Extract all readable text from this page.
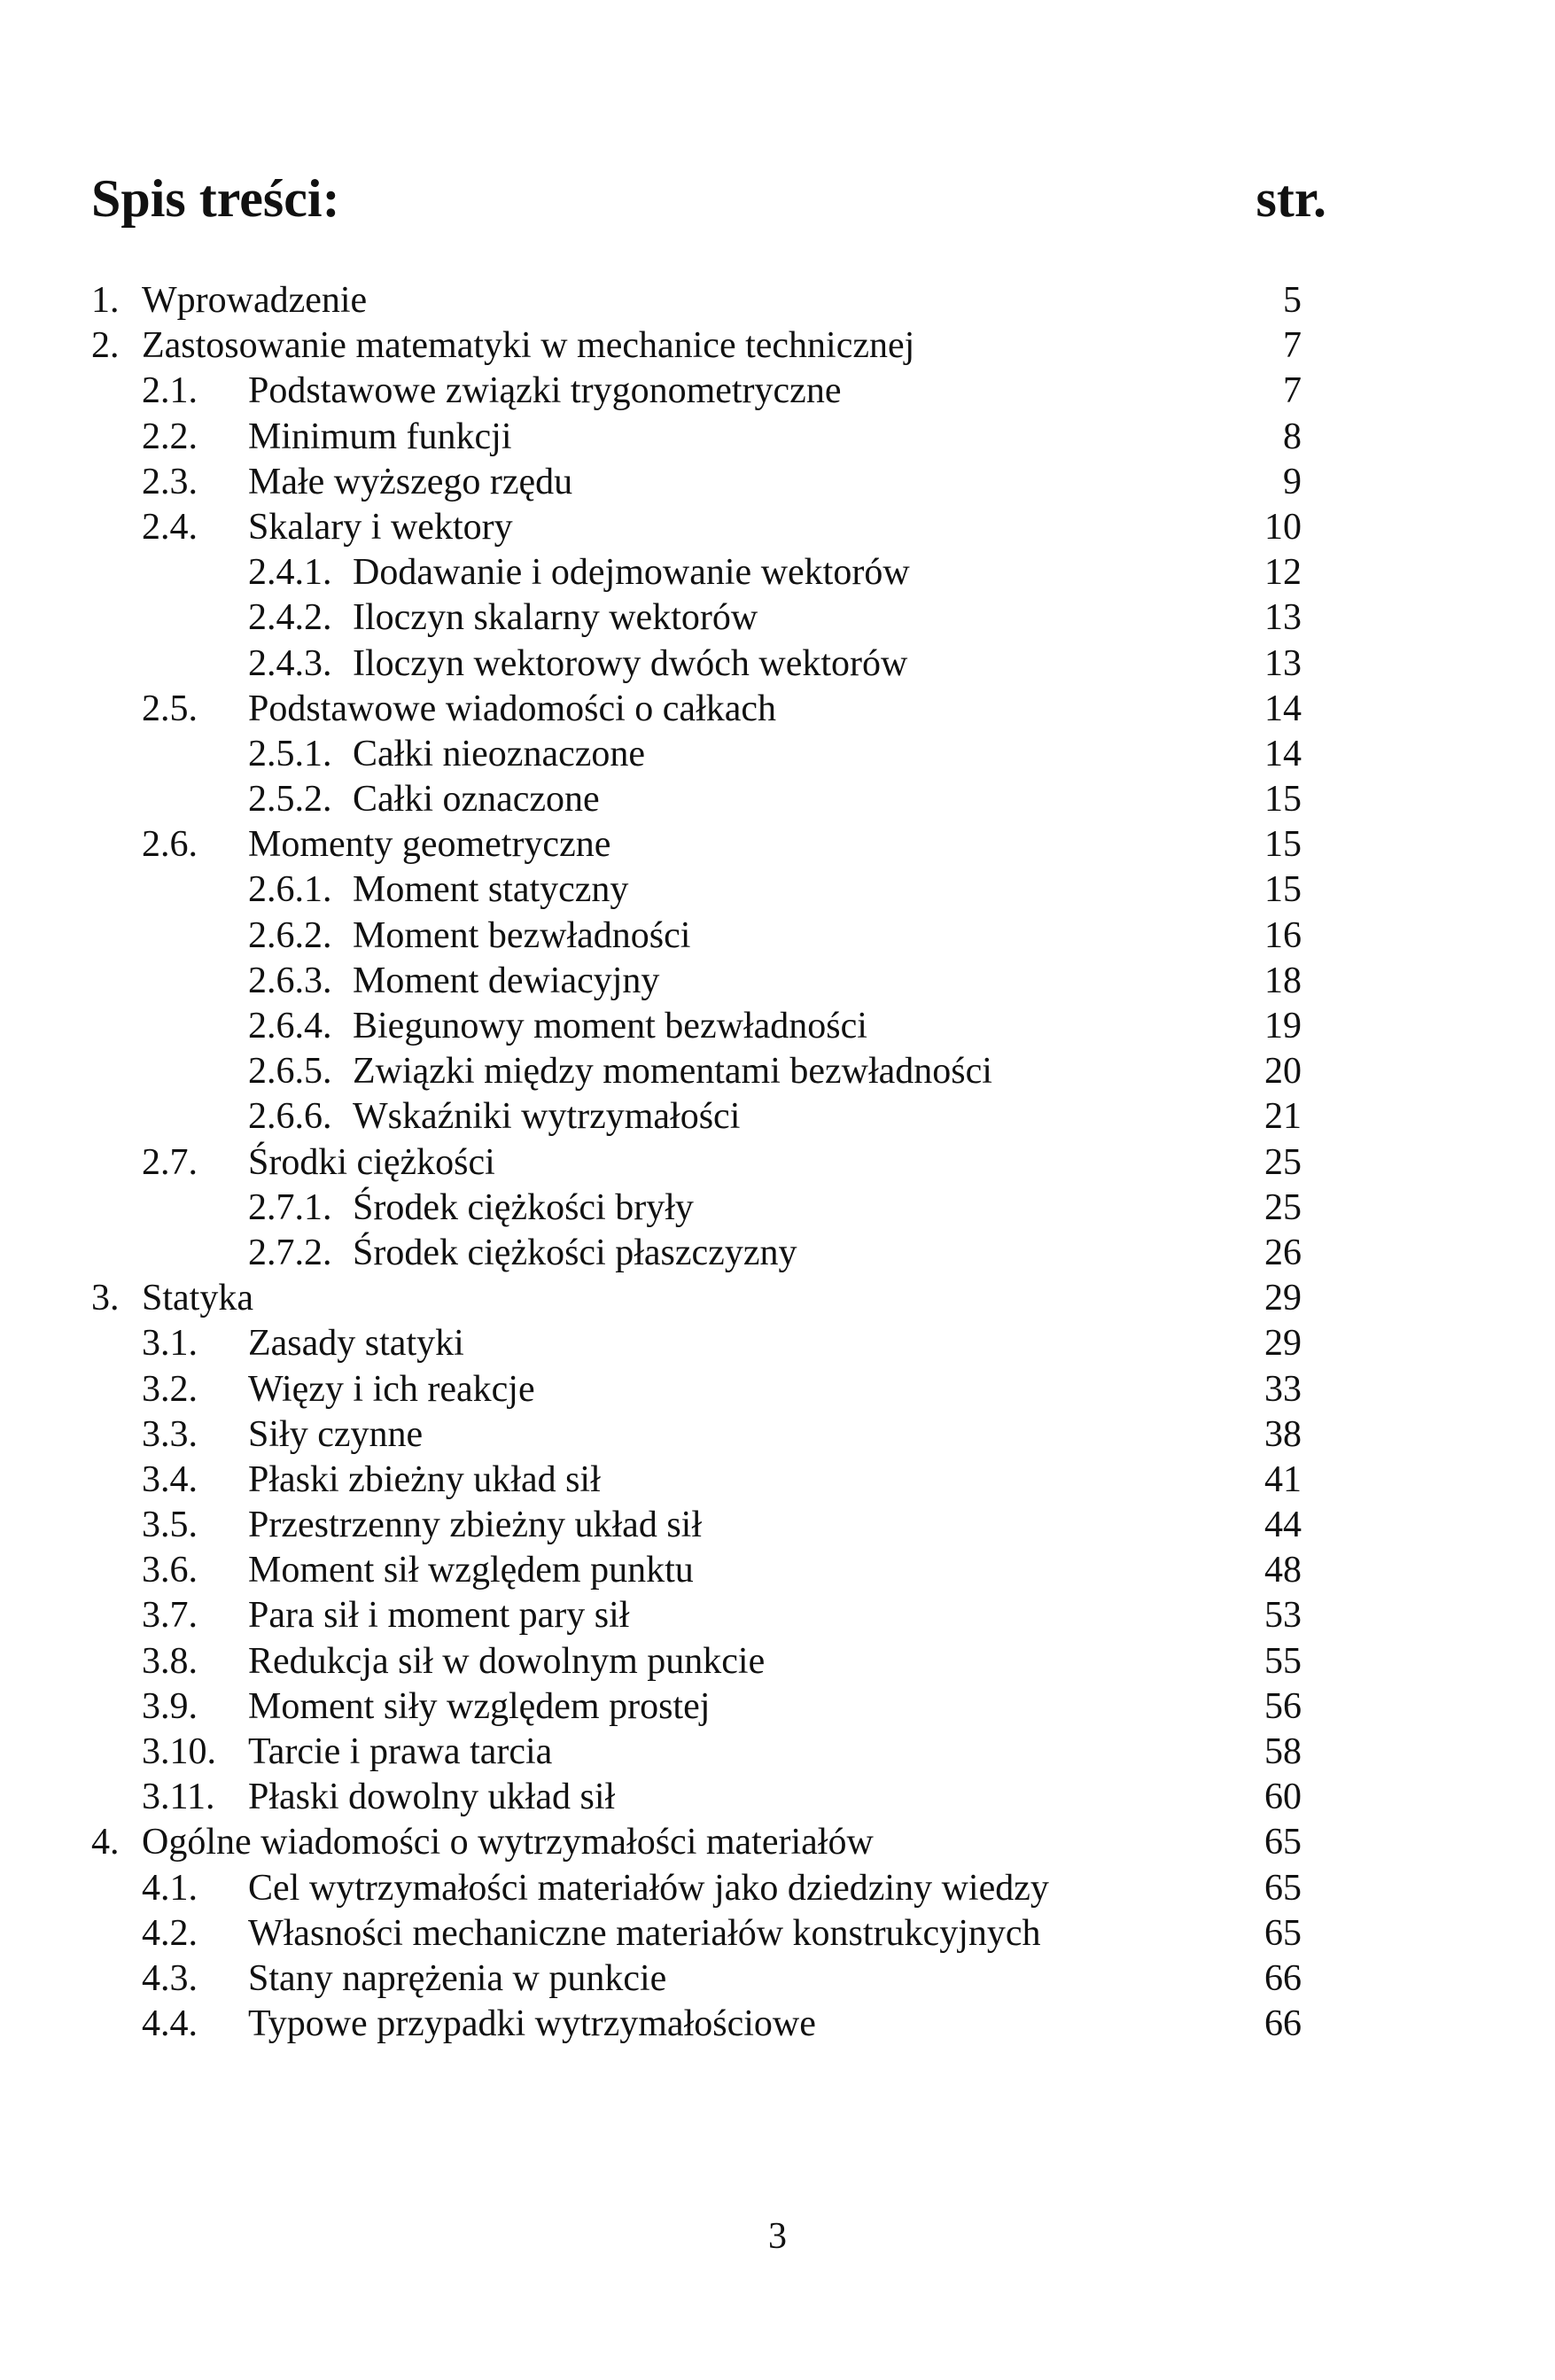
Spis treści:	str.
1. Wprowadzenie	5
2. Zastosowanie matematyki w mechanice technicznej	7
2.1. Podstawowe związki trygonometryczne	7
2.2. Minimum funkcji	8
2.3. Małe wyższego rzędu	9
2.4. Skalary i wektory	10
2.4.1. Dodawanie i odejmowanie wektorów	12
2.4.2. Iloczyn skalarny wektorów	13
2.4.3. Iloczyn wektorowy dwóch wektorów	13
2.5. Podstawowe wiadomości o całkach	14
2.5.1. Całki nieoznaczone	14
2.5.2. Całki oznaczone	15
2.6. Momenty geometryczne	15
2.6.1. Moment statyczny	15
2.6.2. Moment bezwładności	16
2.6.3. Moment dewiacyjny	18
2.6.4. Biegunowy moment bezwładności	19
2.6.5. Związki między momentami bezwładności	20
2.6.6. Wskaźniki wytrzymałości	21
2.7. Środki ciężkości	25
2.7.1. Środek ciężkości bryły	25
2.7.2. Środek ciężkości płaszczyzny	26
3. Statyka	29
3.1. Zasady statyki	29
3.2. Więzy i ich reakcje	33
3.3. Siły czynne	38
3.4. Płaski zbieżny układ sił	41
3.5. Przestrzenny zbieżny układ sił	44
3.6. Moment sił względem punktu	48
3.7. Para sił i moment pary sił	53
3.8. Redukcja sił w dowolnym punkcie	55
3.9. Moment siły względem prostej	56
3.10. Tarcie i prawa tarcia	58
3.11. Płaski dowolny układ sił	60
4. Ogólne wiadomości o wytrzymałości materiałów	65
4.1. Cel wytrzymałości materiałów jako dziedziny wiedzy	65
4.2. Własności mechaniczne materiałów konstrukcyjnych	65
4.3. Stany naprężenia w punkcie	66
4.4. Typowe przypadki wytrzymałościowe	66
3
